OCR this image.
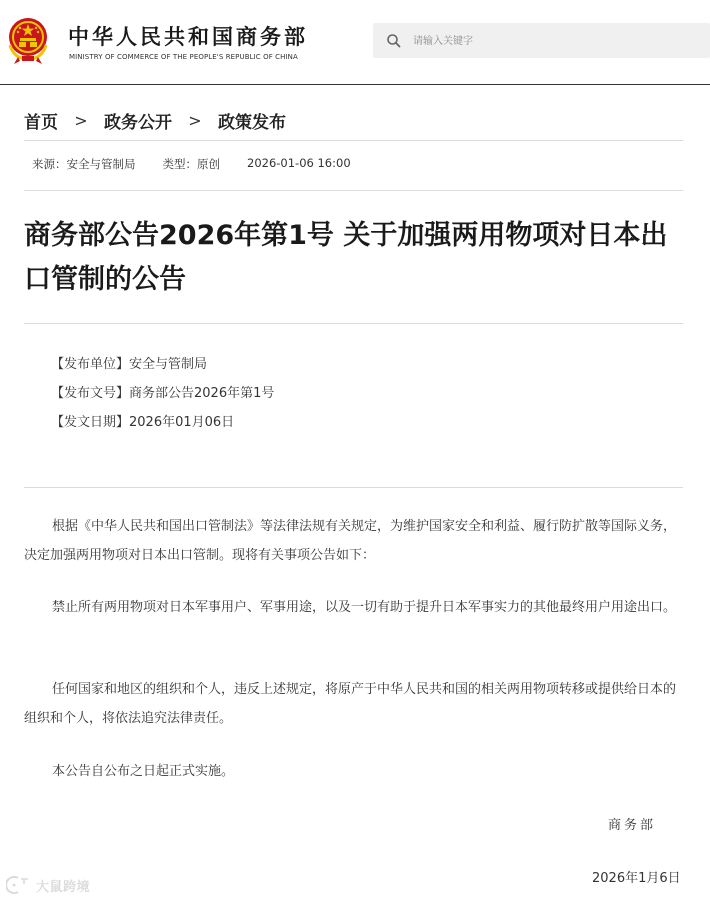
中华人民共和国商务部
MINISTRY OF COMMERCE OF THE PEOPLE'S REPUBLIC OF CHINA
请输入关键字
首页	> 政务公开	> 政策发布
来源：安全与管制局 类型：原创 2026-01-06 16:00
商务部公告2026年第1号 关于加强两用物项对日本出口管制的公告
【发布单位】安全与管制局
【发布文号】商务部公告2026年第1号
【发文日期】2026年01月06日

根据《中华人民共和国出口管制法》等法律法规有关规定，为维护国家安全和利益、履行防扩散等国际义务，决定加强两用物项对日本出口管制。现将有关事项公告如下：

禁止所有两用物项对日本军事用户、军事用途，以及一切有助于提升日本军事实力的其他最终用户用途出口。

任何国家和地区的组织和个人，违反上述规定，将原产于中华人民共和国的相关两用物项转移或提供给日本的组织和个人，将依法追究法律责任。

本公告自公布之日起正式实施。

商务部
2026年1月6日
大鼠跨境
